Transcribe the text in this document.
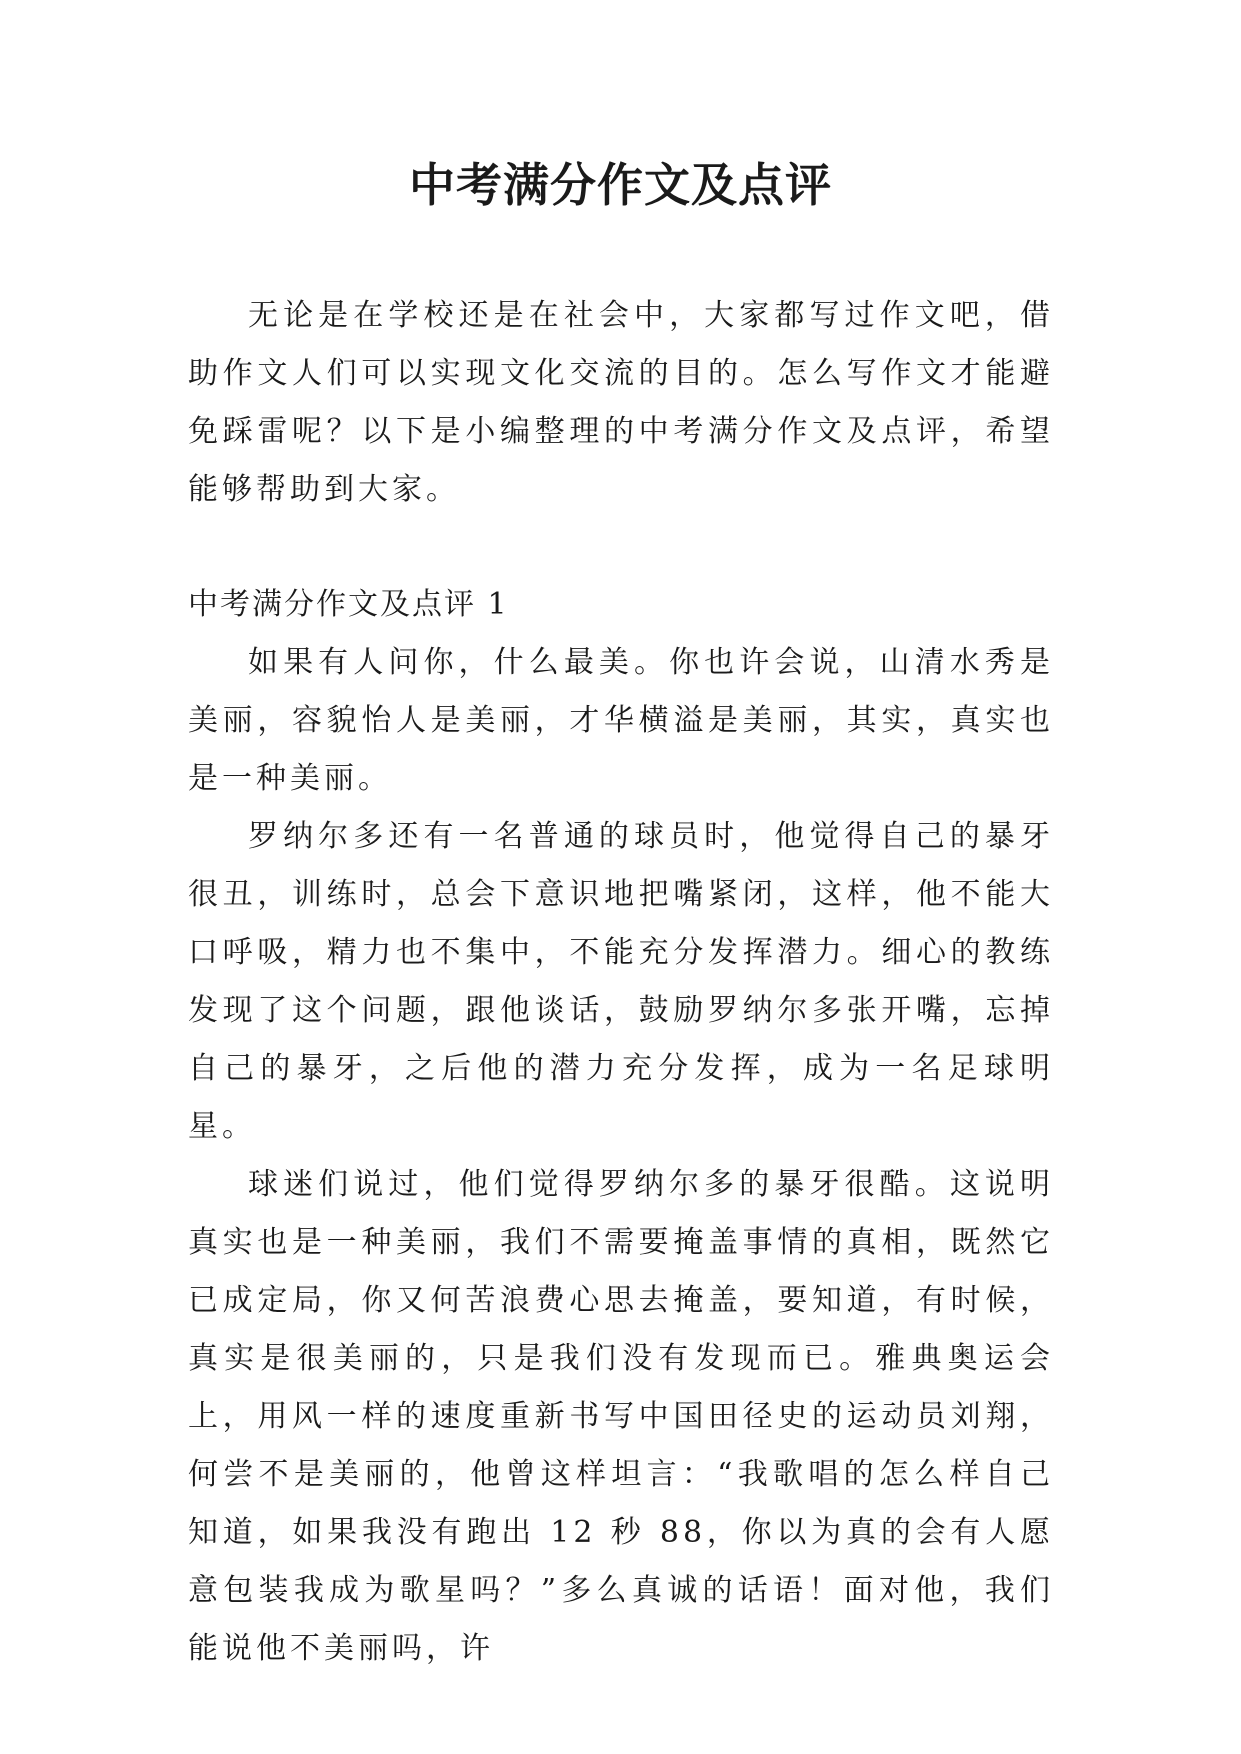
中考满分作文及点评

无论是在学校还是在社会中，大家都写过作文吧，借助作文人们可以实现文化交流的目的。怎么写作文才能避免踩雷呢？以下是小编整理的中考满分作文及点评，希望能够帮助到大家。

中考满分作文及点评 1

如果有人问你，什么最美。你也许会说，山清水秀是美丽，容貌怡人是美丽，才华横溢是美丽，其实，真实也是一种美丽。

罗纳尔多还有一名普通的球员时，他觉得自己的暴牙很丑，训练时，总会下意识地把嘴紧闭，这样，他不能大口呼吸，精力也不集中，不能充分发挥潜力。细心的教练发现了这个问题，跟他谈话，鼓励罗纳尔多张开嘴，忘掉自己的暴牙，之后他的潜力充分发挥，成为一名足球明星。

球迷们说过，他们觉得罗纳尔多的暴牙很酷。这说明真实也是一种美丽，我们不需要掩盖事情的真相，既然它已成定局，你又何苦浪费心思去掩盖，要知道，有时候，真实是很美丽的，只是我们没有发现而已。雅典奥运会上，用风一样的速度重新书写中国田径史的运动员刘翔，何尝不是美丽的，他曾这样坦言：“我歌唱的怎么样自己知道，如果我没有跑出 12 秒 88，你以为真的会有人愿意包装我成为歌星吗？”多么真诚的话语！面对他，我们能说他不美丽吗，许
